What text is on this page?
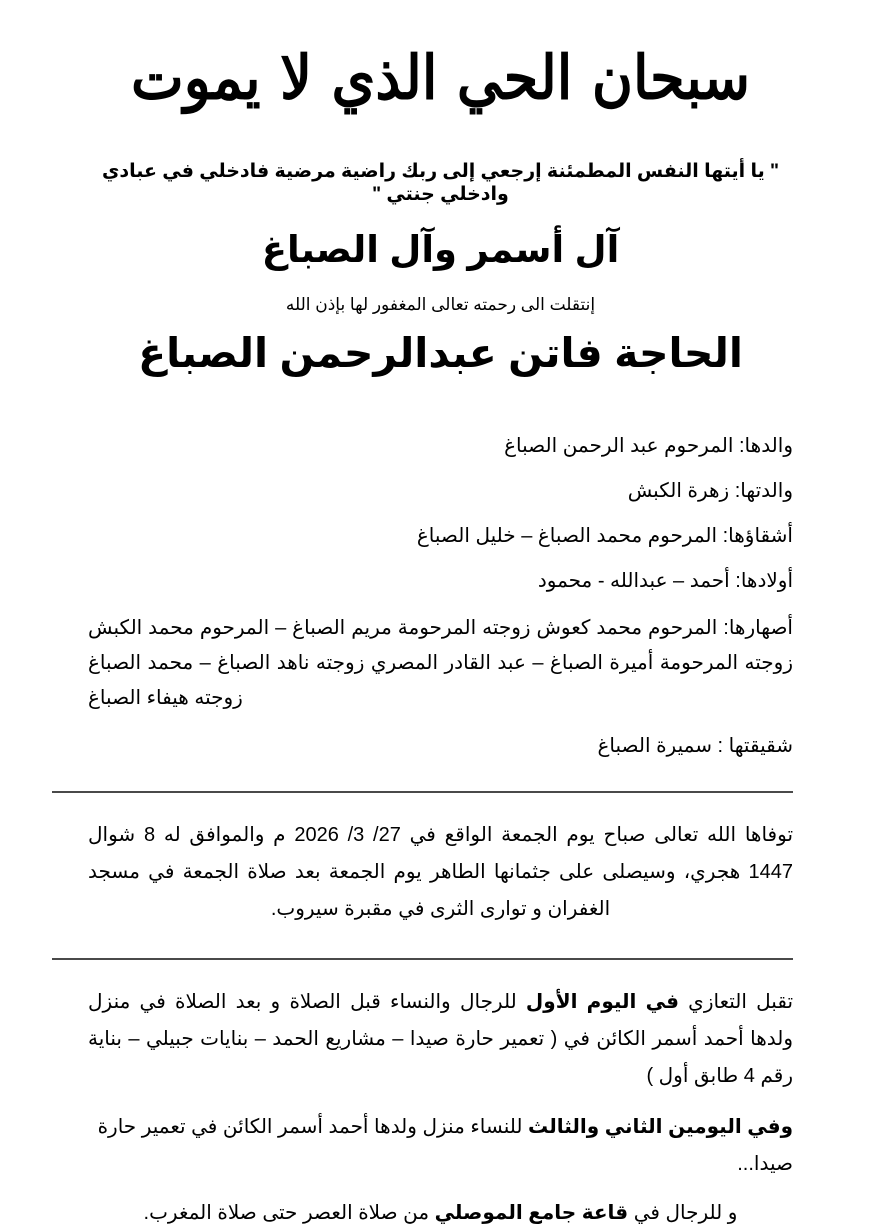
سبحان الحي الذي لا يموت
" يا أيتها النفس المطمئنة إرجعي إلى ربك راضية مرضية فادخلي في عبادي وادخلي جنتي "
آل أسمر وآل الصباغ
إنتقلت الى رحمته تعالى المغفور لها بإذن الله
الحاجة فاتن عبدالرحمن الصباغ

والدها: المرحوم عبد الرحمن الصباغ

والدتها: زهرة الكبش

أشقاؤها: المرحوم محمد الصباغ – خليل الصباغ

أولادها: أحمد – عبدالله - محمود

أصهارها: المرحوم محمد كعوش زوجته المرحومة مريم الصباغ – المرحوم محمد الكبش زوجته المرحومة أميرة الصباغ – عبد القادر المصري زوجته ناهد الصباغ – محمد الصباغ زوجته هيفاء الصباغ

شقيقتها : سميرة الصباغ

توفاها الله تعالى صباح يوم الجمعة الواقع في 27/ 3/ 2026 م والموافق له 8 شوال 1447 هجري، وسيصلى على جثمانها الطاهر يوم الجمعة بعد صلاة الجمعة في مسجد الغفران و توارى الثرى في مقبرة سيروب.

تقبل التعازي في اليوم الأول للرجال والنساء قبل الصلاة و بعد الصلاة في منزل ولدها أحمد أسمر الكائن في ( تعمير حارة صيدا – مشاريع الحمد – بنايات جبيلي – بناية رقم 4 طابق أول )

وفي اليومين الثاني والثالث للنساء منزل ولدها أحمد أسمر الكائن في تعمير حارة صيدا...

و للرجال في قاعة جامع الموصلي من صلاة العصر حتى صلاة المغرب.
